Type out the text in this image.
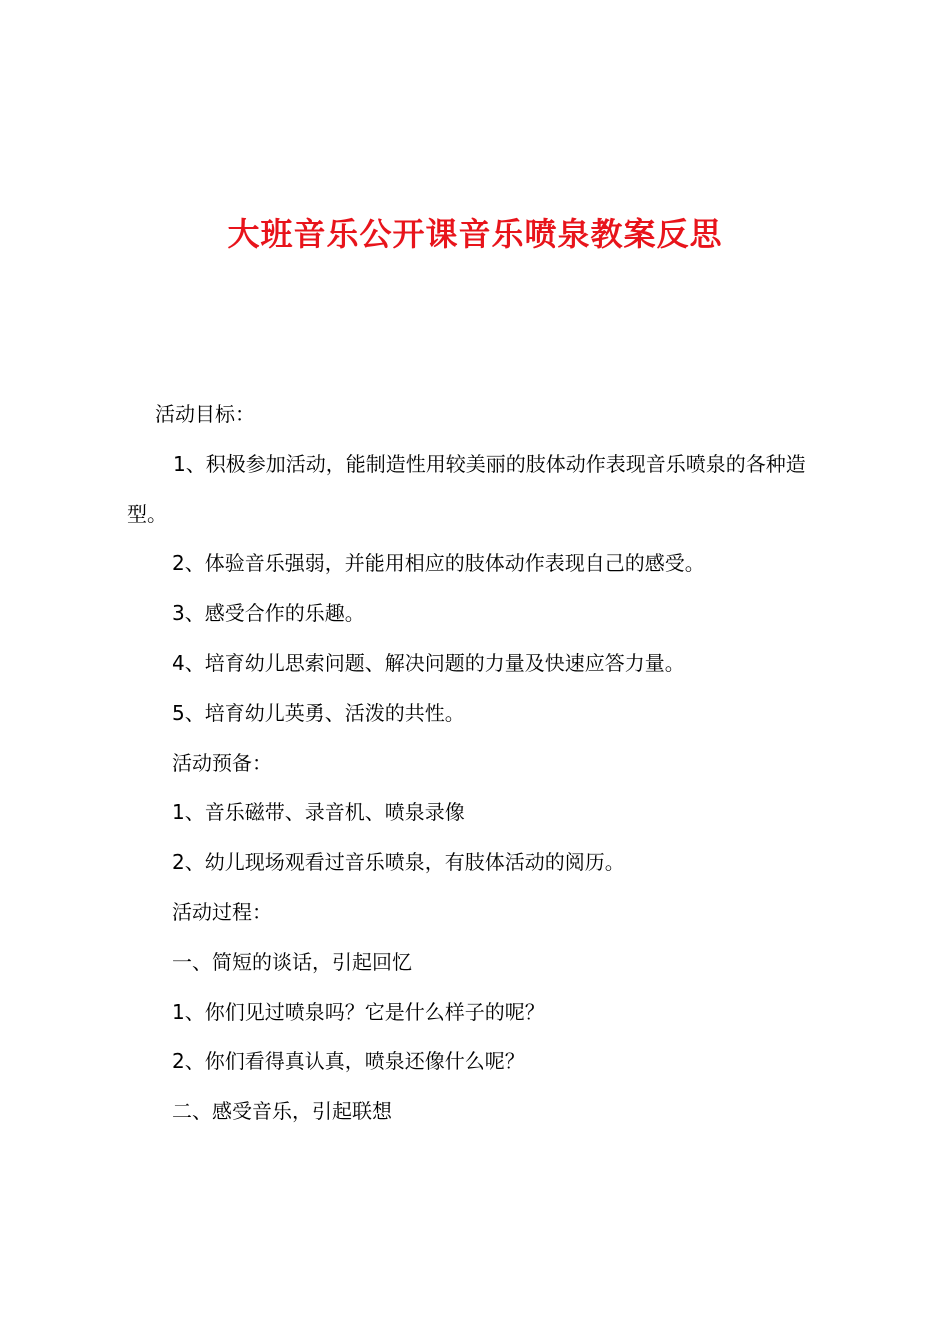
大班音乐公开课音乐喷泉教案反思

活动目标：

1、积极参加活动，能制造性用较美丽的肢体动作表现音乐喷泉的各种造型。

2、体验音乐强弱，并能用相应的肢体动作表现自己的感受。

3、感受合作的乐趣。

4、培育幼儿思索问题、解决问题的力量及快速应答力量。

5、培育幼儿英勇、活泼的共性。

活动预备：

1、音乐磁带、录音机、喷泉录像

2、幼儿现场观看过音乐喷泉，有肢体活动的阅历。

活动过程：

一、简短的谈话，引起回忆

1、你们见过喷泉吗？它是什么样子的呢？

2、你们看得真认真，喷泉还像什么呢？

二、感受音乐，引起联想
